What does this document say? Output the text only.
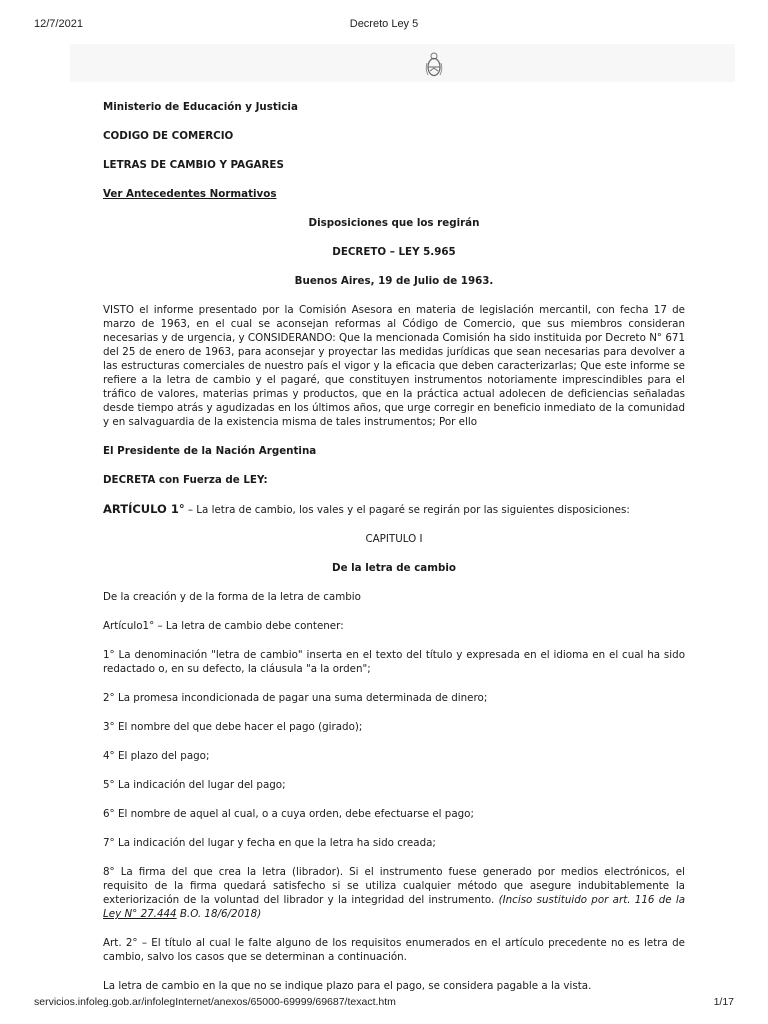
12/7/2021	Decreto Ley 5

Ministerio de Educación y Justicia

CODIGO DE COMERCIO

LETRAS DE CAMBIO Y PAGARES

Ver Antecedentes Normativos

Disposiciones que los regirán

DECRETO – LEY 5.965

Buenos Aires, 19 de Julio de 1963.

VISTO el informe presentado por la Comisión Asesora en materia de legislación mercantil, con fecha 17 de marzo de 1963, en el cual se aconsejan reformas al Código de Comercio, que sus miembros consideran necesarias y de urgencia, y CONSIDERANDO: Que la mencionada Comisión ha sido instituida por Decreto N° 671 del 25 de enero de 1963, para aconsejar y proyectar las medidas jurídicas que sean necesarias para devolver a las estructuras comerciales de nuestro país el vigor y la eficacia que deben caracterizarlas; Que este informe se refiere a la letra de cambio y el pagaré, que constituyen instrumentos notoriamente imprescindibles para el tráfico de valores, materias primas y productos, que en la práctica actual adolecen de deficiencias señaladas desde tiempo atrás y agudizadas en los últimos años, que urge corregir en beneficio inmediato de la comunidad y en salvaguardia de la existencia misma de tales instrumentos; Por ello

El Presidente de la Nación Argentina

DECRETA con Fuerza de LEY:

ARTÍCULO 1° – La letra de cambio, los vales y el pagaré se regirán por las siguientes disposiciones:

CAPITULO I

De la letra de cambio

De la creación y de la forma de la letra de cambio

Artículo1° – La letra de cambio debe contener:

1° La denominación "letra de cambio" inserta en el texto del título y expresada en el idioma en el cual ha sido redactado o, en su defecto, la cláusula "a la orden";

2° La promesa incondicionada de pagar una suma determinada de dinero;

3° El nombre del que debe hacer el pago (girado);

4° El plazo del pago;

5° La indicación del lugar del pago;

6° El nombre de aquel al cual, o a cuya orden, debe efectuarse el pago;

7° La indicación del lugar y fecha en que la letra ha sido creada;

8° La firma del que crea la letra (librador). Si el instrumento fuese generado por medios electrónicos, el requisito de la firma quedará satisfecho si se utiliza cualquier método que asegure indubitablemente la exteriorización de la voluntad del librador y la integridad del instrumento. (Inciso sustituido por art. 116 de la Ley N° 27.444 B.O. 18/6/2018)

Art. 2° – El título al cual le falte alguno de los requisitos enumerados en el artículo precedente no es letra de cambio, salvo los casos que se determinan a continuación.

La letra de cambio en la que no se indique plazo para el pago, se considera pagable a la vista.

servicios.infoleg.gob.ar/infolegInternet/anexos/65000-69999/69687/texact.htm	1/17
